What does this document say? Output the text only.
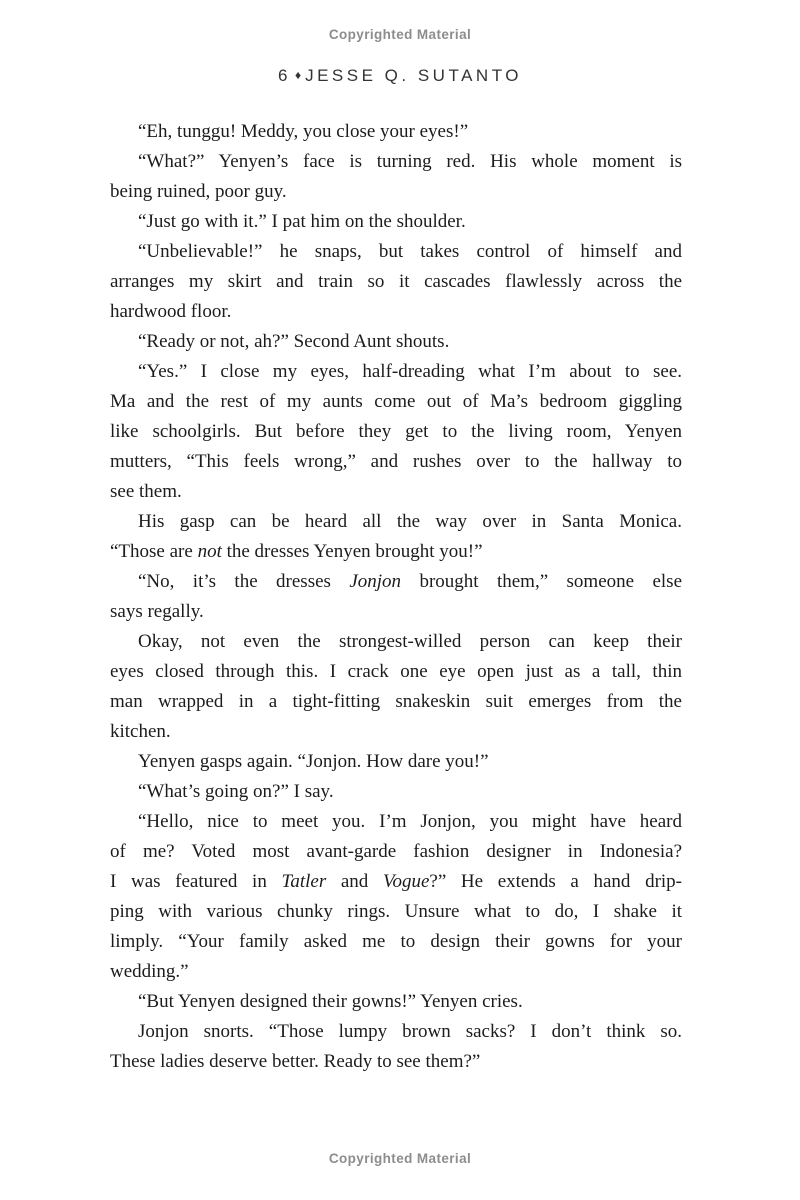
Copyrighted Material
6 ♦ JESSE Q. SUTANTO
“Eh, tunggu! Meddy, you close your eyes!”
“What?” Yenyen’s face is turning red. His whole moment is
being ruined, poor guy.
“Just go with it.” I pat him on the shoulder.
“Unbelievable!” he snaps, but takes control of himself and
arranges my skirt and train so it cascades flawlessly across the
hardwood floor.
“Ready or not, ah?” Second Aunt shouts.
“Yes.” I close my eyes, half-dreading what I’m about to see.
Ma and the rest of my aunts come out of Ma’s bedroom giggling
like schoolgirls. But before they get to the living room, Yenyen
mutters, “This feels wrong,” and rushes over to the hallway to
see them.
His gasp can be heard all the way over in Santa Monica.
“Those are not the dresses Yenyen brought you!”
“No, it’s the dresses Jonjon brought them,” someone else
says regally.
Okay, not even the strongest-willed person can keep their
eyes closed through this. I crack one eye open just as a tall, thin
man wrapped in a tight-fitting snakeskin suit emerges from the
kitchen.
Yenyen gasps again. “Jonjon. How dare you!”
“What’s going on?” I say.
“Hello, nice to meet you. I’m Jonjon, you might have heard
of me? Voted most avant-garde fashion designer in Indonesia?
I was featured in Tatler and Vogue?” He extends a hand drip-
ping with various chunky rings. Unsure what to do, I shake it
limply. “Your family asked me to design their gowns for your
wedding.”
“But Yenyen designed their gowns!” Yenyen cries.
Jonjon snorts. “Those lumpy brown sacks? I don’t think so.
These ladies deserve better. Ready to see them?”
Copyrighted Material
